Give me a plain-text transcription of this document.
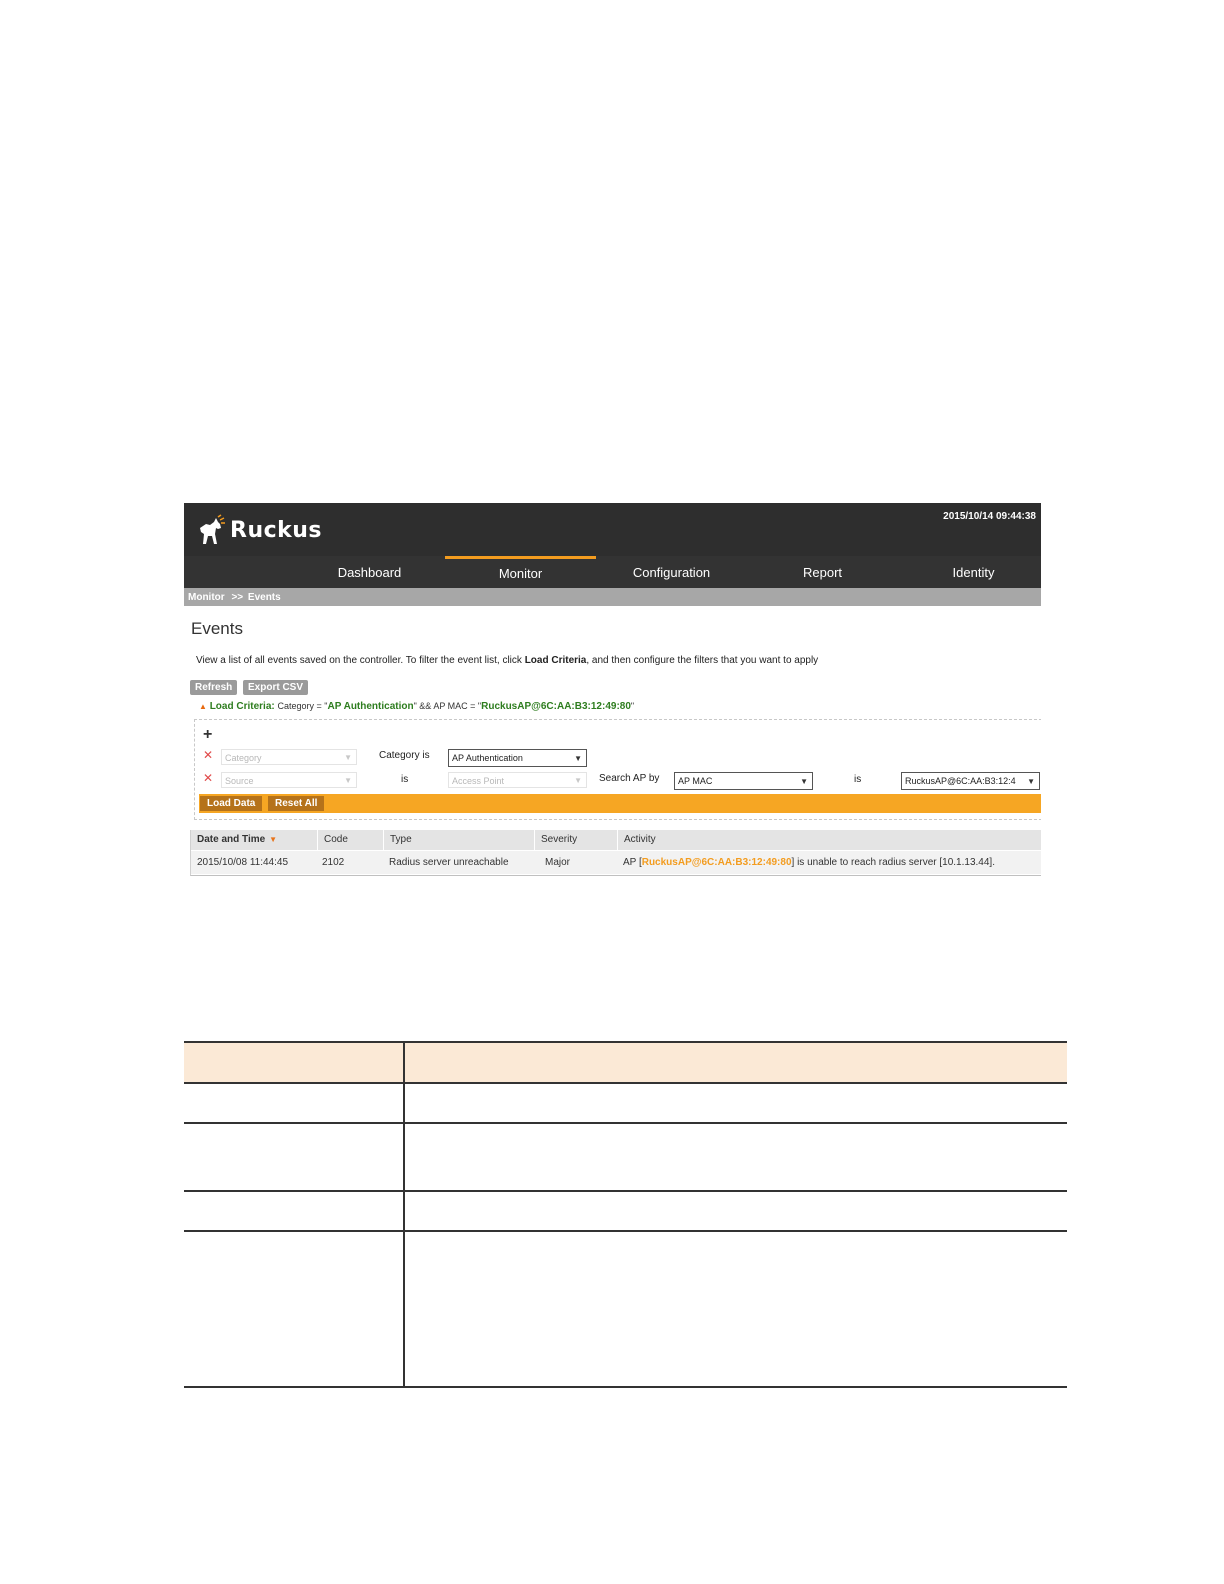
Ruckus
2015/10/14 09:44:38
Dashboard	Monitor	Configuration	Report	Identity
Monitor >> Events
Events
View a list of all events saved on the controller. To filter the event list, click Load Criteria, and then configure the filters that you want to apply
Refresh	Export CSV
▲ Load Criteria: Category = "AP Authentication" && AP MAC = "RuckusAP@6C:AA:B3:12:49:80"
+
✕	Category	▼	Category is	AP Authentication	▼
✕	Source	▼	is	Access Point	▼ Search AP by	AP MAC	▼	is	RuckusAP@6C:AA:B3:12:4 ▼
Load Data	Reset All
Date and Time ▼	Code	Type	Severity	Activity
2015/10/08 11:44:45	2102	Radius server unreachable	Major	AP [RuckusAP@6C:AA:B3:12:49:80] is unable to reach radius server [10.1.13.44].
